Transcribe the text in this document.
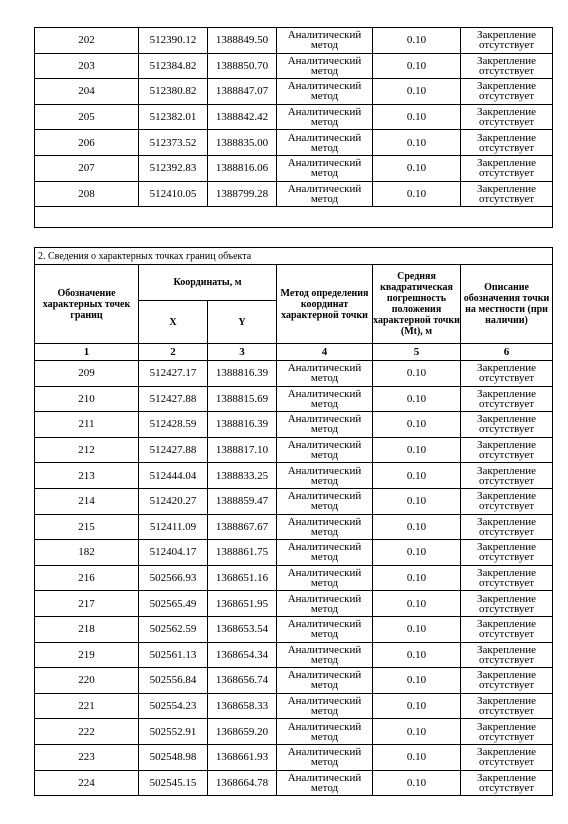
202	512390.12	1388849.50	Аналитический метод	0.10	Закрепление отсутствует
203	512384.82	1388850.70	Аналитический метод	0.10	Закрепление отсутствует
204	512380.82	1388847.07	Аналитический метод	0.10	Закрепление отсутствует
205	512382.01	1388842.42	Аналитический метод	0.10	Закрепление отсутствует
206	512373.52	1388835.00	Аналитический метод	0.10	Закрепление отсутствует
207	512392.83	1388816.06	Аналитический метод	0.10	Закрепление отсутствует
208	512410.05	1388799.28	Аналитический метод	0.10	Закрепление отсутствует

2. Сведения о характерных точках границ объекта					
Обозначение характерных точек границ	Координаты, м		Метод определения координат характерной точки	Средняя квадратическая погрешность положения характерной точки (Mt), м	Описание обозначения точки на местности (при наличии)
	X	Y			
1	2	3	4	5	6
209	512427.17	1388816.39	Аналитический метод	0.10	Закрепление отсутствует
210	512427.88	1388815.69	Аналитический метод	0.10	Закрепление отсутствует
211	512428.59	1388816.39	Аналитический метод	0.10	Закрепление отсутствует
212	512427.88	1388817.10	Аналитический метод	0.10	Закрепление отсутствует
213	512444.04	1388833.25	Аналитический метод	0.10	Закрепление отсутствует
214	512420.27	1388859.47	Аналитический метод	0.10	Закрепление отсутствует
215	512411.09	1388867.67	Аналитический метод	0.10	Закрепление отсутствует
182	512404.17	1388861.75	Аналитический метод	0.10	Закрепление отсутствует
216	502566.93	1368651.16	Аналитический метод	0.10	Закрепление отсутствует
217	502565.49	1368651.95	Аналитический метод	0.10	Закрепление отсутствует
218	502562.59	1368653.54	Аналитический метод	0.10	Закрепление отсутствует
219	502561.13	1368654.34	Аналитический метод	0.10	Закрепление отсутствует
220	502556.84	1368656.74	Аналитический метод	0.10	Закрепление отсутствует
221	502554.23	1368658.33	Аналитический метод	0.10	Закрепление отсутствует
222	502552.91	1368659.20	Аналитический метод	0.10	Закрепление отсутствует
223	502548.98	1368661.93	Аналитический метод	0.10	Закрепление отсутствует
224	502545.15	1368664.78	Аналитический метод	0.10	Закрепление отсутствует
